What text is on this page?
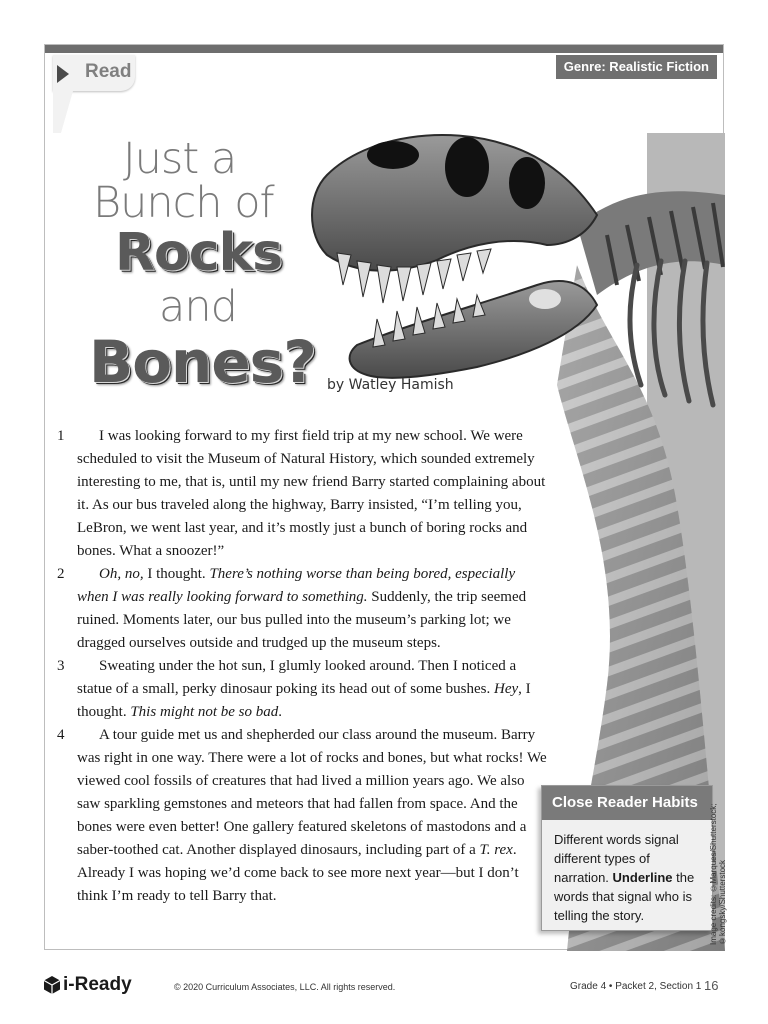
Read	Genre: Realistic Fiction
Just a
Bunch of
Rocks
and
Bones? by Watley Hamish
1	I was looking forward to my first field trip at my new school. We were scheduled to visit the Museum of Natural History, which sounded extremely interesting to me, that is, until my new friend Barry started complaining about it. As our bus traveled along the highway, Barry insisted, “I’m telling you, LeBron, we went last year, and it’s mostly just a bunch of boring rocks and bones. What a snoozer!”
2	Oh, no, I thought. There’s nothing worse than being bored, especially when I was really looking forward to something. Suddenly, the trip seemed ruined. Moments later, our bus pulled into the museum’s parking lot; we dragged ourselves outside and trudged up the museum steps.
3	Sweating under the hot sun, I glumly looked around. Then I noticed a statue of a small, perky dinosaur poking its head out of some bushes. Hey, I thought. This might not be so bad.
4	A tour guide met us and shepherded our class around the museum. Barry was right in one way. There were a lot of rocks and bones, but what rocks! We viewed cool fossils of creatures that had lived a million years ago. We also saw sparkling gemstones and meteors that had fallen from space. And the bones were even better! One gallery featured skeletons of mastodons and a saber-toothed cat. Another displayed dinosaurs, including part of a T. rex. Already I was hoping we’d come back to see more next year—but I don’t think I’m ready to tell Barry that.
Close Reader Habits
Different words signal different types of narration. Underline the words that signal who is telling the story.	Image credits: ©Marques/Shutterstock; ©kongsky/Shutterstock
i-Ready	© 2020 Curriculum Associates, LLC. All rights reserved.	Grade 4 • Packet 2, Section 1 16
